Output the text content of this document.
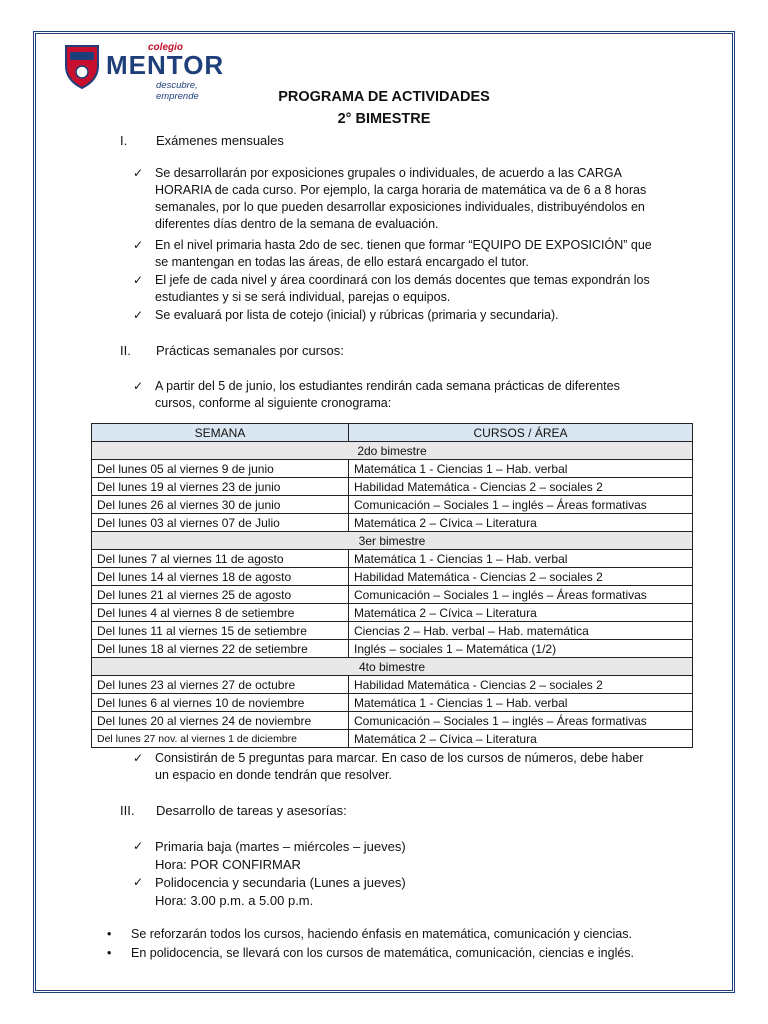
colegio
MENTOR
descubre, emprende	PROGRAMA DE ACTIVIDADES
2° BIMESTRE
I.	Exámenes mensuales
✓ Se desarrollarán por exposiciones grupales o individuales, de acuerdo a las CARGA HORARIA de cada curso. Por ejemplo, la carga horaria de matemática va de 6 a 8 horas semanales, por lo que pueden desarrollar exposiciones individuales, distribuyéndolos en diferentes días dentro de la semana de evaluación.
✓ En el nivel primaria hasta 2do de sec. tienen que formar “EQUIPO DE EXPOSICIÓN” que se mantengan en todas las áreas, de ello estará encargado el tutor.
✓ El jefe de cada nivel y área coordinará con los demás docentes que temas expondrán los estudiantes y si se será individual, parejas o equipos.
✓ Se evaluará por lista de cotejo (inicial) y rúbricas (primaria y secundaria).
II.	Prácticas semanales por cursos:
✓ A partir del 5 de junio, los estudiantes rendirán cada semana prácticas de diferentes cursos, conforme al siguiente cronograma:
SEMANA	CURSOS / ÁREA
2do bimestre	
Del lunes 05 al viernes 9 de junio	Matemática 1 - Ciencias 1 – Hab. verbal
Del lunes 19 al viernes 23 de junio	Habilidad Matemática - Ciencias 2 – sociales 2
Del lunes 26 al viernes 30 de junio	Comunicación – Sociales 1 – inglés – Áreas formativas
Del lunes 03 al viernes 07 de Julio	Matemática 2 – Cívica – Literatura
3er bimestre	
Del lunes 7 al viernes 11 de agosto	Matemática 1 - Ciencias 1 – Hab. verbal
Del lunes 14 al viernes 18 de agosto	Habilidad Matemática - Ciencias 2 – sociales 2
Del lunes 21 al viernes 25 de agosto	Comunicación – Sociales 1 – inglés – Áreas formativas
Del lunes 4 al viernes 8 de setiembre	Matemática 2 – Cívica – Literatura
Del lunes 11 al viernes 15 de setiembre	Ciencias 2 – Hab. verbal – Hab. matemática
Del lunes 18 al viernes 22 de setiembre	Inglés – sociales 1 – Matemática (1/2)
4to bimestre	
Del lunes 23 al viernes 27 de octubre	Habilidad Matemática - Ciencias 2 – sociales 2
Del lunes 6 al viernes 10 de noviembre	Matemática 1 - Ciencias 1 – Hab. verbal
Del lunes 20 al viernes 24 de noviembre	Comunicación – Sociales 1 – inglés – Áreas formativas
Del lunes 27 nov. al viernes 1 de diciembre	Matemática 2 – Cívica – Literatura
✓ Consistirán de 5 preguntas para marcar. En caso de los cursos de números, debe haber un espacio en donde tendrán que resolver.
III.	Desarrollo de tareas y asesorías:
✓ Primaria baja (martes – miércoles – jueves)
Hora: POR CONFIRMAR
✓ Polidocencia y secundaria (Lunes a jueves)
Hora: 3.00 p.m. a 5.00 p.m.
• Se reforzarán todos los cursos, haciendo énfasis en matemática, comunicación y ciencias.
• En polidocencia, se llevará con los cursos de matemática, comunicación, ciencias e inglés.
